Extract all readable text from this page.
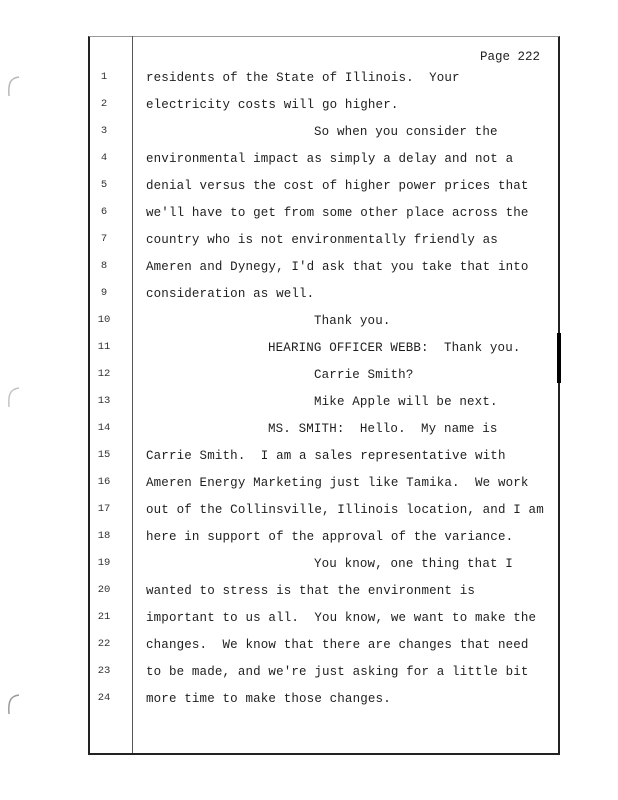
Page 222
1	residents of the State of Illinois.  Your
2	electricity costs will go higher.
3	So when you consider the
4	environmental impact as simply a delay and not a
5	denial versus the cost of higher power prices that
6	we'll have to get from some other place across the
7	country who is not environmentally friendly as
8	Ameren and Dynegy, I'd ask that you take that into
9	consideration as well.
10	Thank you.
11	HEARING OFFICER WEBB:  Thank you.
12	Carrie Smith?
13	Mike Apple will be next.
14	MS. SMITH:  Hello.  My name is
15	Carrie Smith.  I am a sales representative with
16	Ameren Energy Marketing just like Tamika.  We work
17	out of the Collinsville, Illinois location, and I am
18	here in support of the approval of the variance.
19	You know, one thing that I
20	wanted to stress is that the environment is
21	important to us all.  You know, we want to make the
22	changes.  We know that there are changes that need
23	to be made, and we're just asking for a little bit
24	more time to make those changes.
